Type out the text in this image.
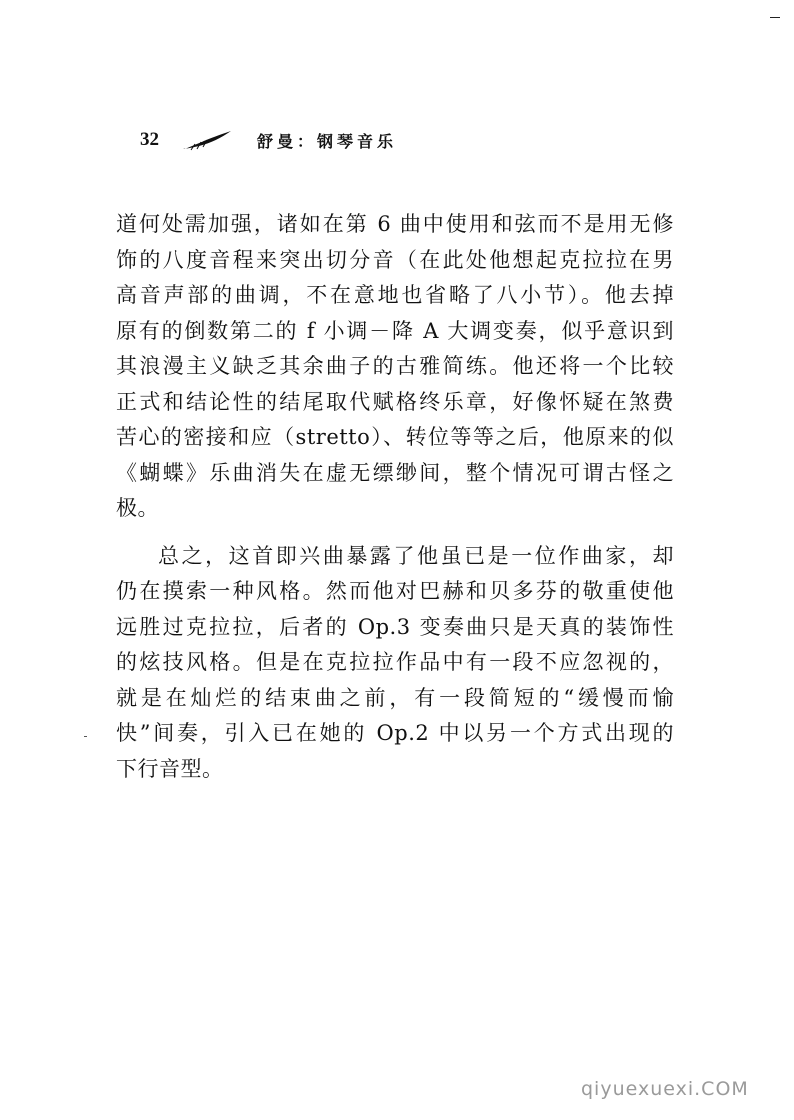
32	舒曼：钢琴音乐

道何处需加强，诸如在第 6 曲中使用和弦而不是用无修

饰的八度音程来突出切分音（在此处他想起克拉拉在男

高音声部的曲调，不在意地也省略了八小节）。他去掉

原有的倒数第二的 f 小调－降 A 大调变奏，似乎意识到

其浪漫主义缺乏其余曲子的古雅简练。他还将一个比较

正式和结论性的结尾取代赋格终乐章，好像怀疑在煞费

苦心的密接和应（stretto）、转位等等之后，他原来的似

《蝴蝶》乐曲消失在虚无缥缈间，整个情况可谓古怪之

极。

总之，这首即兴曲暴露了他虽已是一位作曲家，却

仍在摸索一种风格。然而他对巴赫和贝多芬的敬重使他

远胜过克拉拉，后者的 Op.3 变奏曲只是天真的装饰性

的炫技风格。但是在克拉拉作品中有一段不应忽视的，

就是在灿烂的结束曲之前，有一段简短的“缓慢而愉

快”间奏，引入已在她的 Op.2 中以另一个方式出现的

下行音型。

qiyuexuexi.COM
